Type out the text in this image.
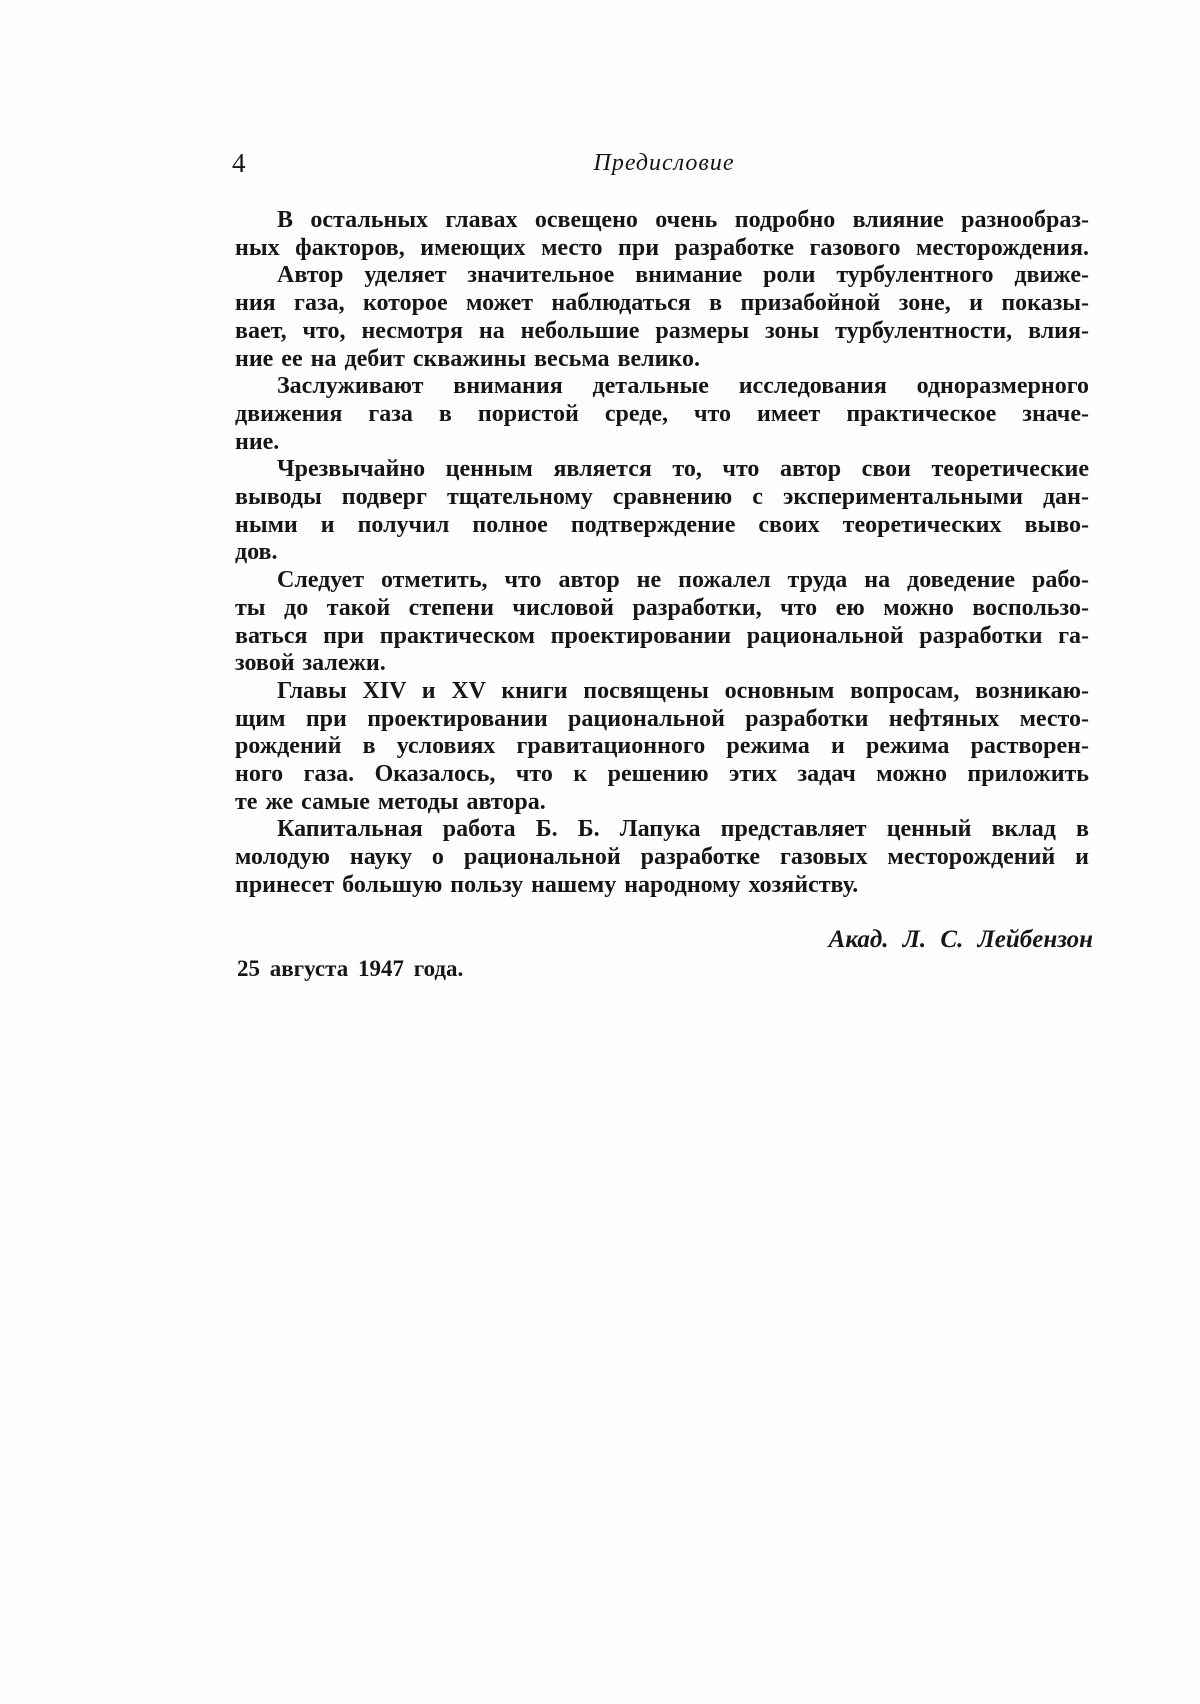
4	Предисловие
В остальных главах освещено очень подробно влияние разнообраз-
ных факторов, имеющих место при разработке газового месторождения.
Автор уделяет значительное внимание роли турбулентного движе-
ния газа, которое может наблюдаться в призабойной зоне, и показы-
вает, что, несмотря на небольшие размеры зоны турбулентности, влия-
ние ее на дебит скважины весьма велико.
Заслуживают внимания детальные исследования одноразмерного
движения газа в пористой среде, что имеет практическое значе-
ние.
Чрезвычайно ценным является то, что автор свои теоретические
выводы подверг тщательному сравнению с экспериментальными дан-
ными и получил полное подтверждение своих теоретических выво-
дов.
Следует отметить, что автор не пожалел труда на доведение рабо-
ты до такой степени числовой разработки, что ею можно воспользо-
ваться при практическом проектировании рациональной разработки га-
зовой залежи.
Главы XIV и XV книги посвящены основным вопросам, возникаю-
щим при проектировании рациональной разработки нефтяных место-
рождений в условиях гравитационного режима и режима растворен-
ного газа. Оказалось, что к решению этих задач можно приложить
те же самые методы автора.
Капитальная работа Б. Б. Лапука представляет ценный вклад в
молодую науку о рациональной разработке газовых месторождений и
принесет большую пользу нашему народному хозяйству.
Акад. Л. С. Лейбензон
25 августа 1947 года.
